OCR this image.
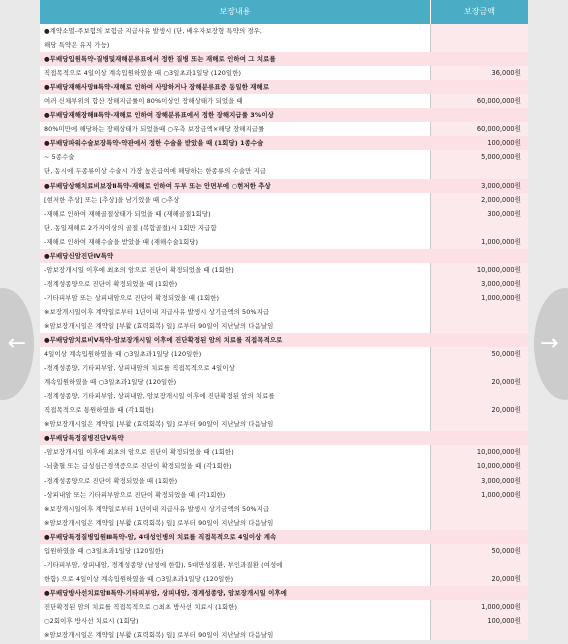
보장내용	보장금액
●계약소멸-주보험의 보험금 지급사유 발생시 (단, 배우자보장형 특약의 경우,
해당 특약은 유지 가능)
●무배당입원특약-질병및재해분류표에서 정한 질병 또는 재해로 인하여 그 치료를
직접목적으로 4일이상 계속입원하였을 때 ○3일초과1일당 (120일한)	36,000원
●무배당재해사망Ⅱ특약-재해로 인하여 사망하거나 장해분류표중 동일한 재해로
여러 신체부위의 합산 장해지급률이 80%이상인 장해상태가 되었을 때	60,000,000원
●무배당재해장해Ⅱ특약-재해로 인하여 장해분류표에서 정한 장해지급률 3%이상
80%미만에 해당하는 장해상태가 되었을때 ○우측 보장금액×해당 장해지급률	60,000,000원
●무배당파워수술보장특약-약관에서 정한 수술을 받았을 때 (1회당) 1종수술	100,000원
~ 5종수술	5,000,000원
단, 동시에 두종류이상 수술시 가장 높은급여에 해당하는 한종류의 수술만 지급
●무배당상해치료비보장Ⅱ특약-재해로 인하여 두부 또는 안면부에 ○현저한 추상	3,000,000원
[현저한 추상] 또는 [추상]을 남기었을 때 ○추상	2,000,000원
-재해로 인하여 재해골절상태가 되었을 때 (재해골절1회당)	300,000원
단, 동일재해로 2가지이상의 골절 (복합골절)시 1회만 지급함
-재해로 인하여 재해수술을 받았을 때 (재해수술1회당)	1,000,000원
●무배당신암진단Ⅳ특약
-암보장개시일 이후에 최초의 암으로 진단이 확정되었을 때 (1회한)	10,000,000원
-경계성종양으로 진단이 확정되었을 때 (1회한)	3,000,000원
-기타피부암 또는 상피내암으로 진단이 확정되었을 때 (1회한)	1,000,000원
※보장개시일이후 계약일로부터 1년이내 지급사유 발생시 상기금액의 50%지급
※암보장개시일은 계약일 [부활 (효력회복) 일] 로부터 90일이 지난날의 다음날임
●무배당암치료비Ⅴ특약-암보장개시일 이후에 진단확정된 암의 치료를 직접목적으로
4일이상 계속입원하였을 때 ○3일초과1일당 (120일한)	50,000원
-경계성종양, 기타피부암, 상피내암의 치료를 직접목적으로 4일이상
계속입원하였을 때 ○3일초과1일당 (120일한)	20,000원
-경계성종양, 기타피부암, 상피내암, 암보장개시일 이후에 진단확정된 암의 치료를
직접목적으로 통원하였을 때 (각1회한)	20,000원
※암보장개시일은 계약일 [부활 (효력회복) 일] 로부터 90일이 지난날의 다음날임
●무배당특정질병진단Ⅴ특약
-암보장개시일 이후에 최초의 암으로 진단이 확정되었을 때 (1회한)	10,000,000원
-뇌출혈 또는 급성심근경색증으로 진단이 확정되었을 때 (각1회한)	10,000,000원
-경계성종양으로 진단이 확정되었을 때 (1회한)	3,000,000원
-상피내암 또는 기타피부암으로 진단이 확정되었을 때 (각1회한)	1,000,000원
※보장개시일이후 계약일로부터 1년이내 지급사유 발생시 상기금액의 50%지급
※암보장개시일은 계약일 [부활 (효력회복) 일] 로부터 90일이 지난날의 다음날임
●무배당특정질병입원Ⅲ특약-암, 4대성인병의 치료를 직접목적으로 4일이상 계속
입원하였을 때 ○3일초과1일당 (120일한)	50,000원
-기타피부암, 상피내암, 경계성종양 (남성에 한함), 5대만성질환, 부인과질환 (여성에
한함) 으로 4일이상 계속입원하였을 때 ○3일초과1일당 (120일한)	20,000원
●무배당방사선치료암Ⅱ특약-기타피부암, 상피내암, 경계성종양, 암보장개시일 이후에
진단확정된 암의 치료를 직접목적으로 ○최초 방사선 치료시 (1회한)	1,000,000원
○2회이후 방사선 치료시 (1회당)	100,000원
※암보장개시일은 계약일 [부활 (효력회복) 일] 로부터 90일이 지난날의 다음날임
←	→
